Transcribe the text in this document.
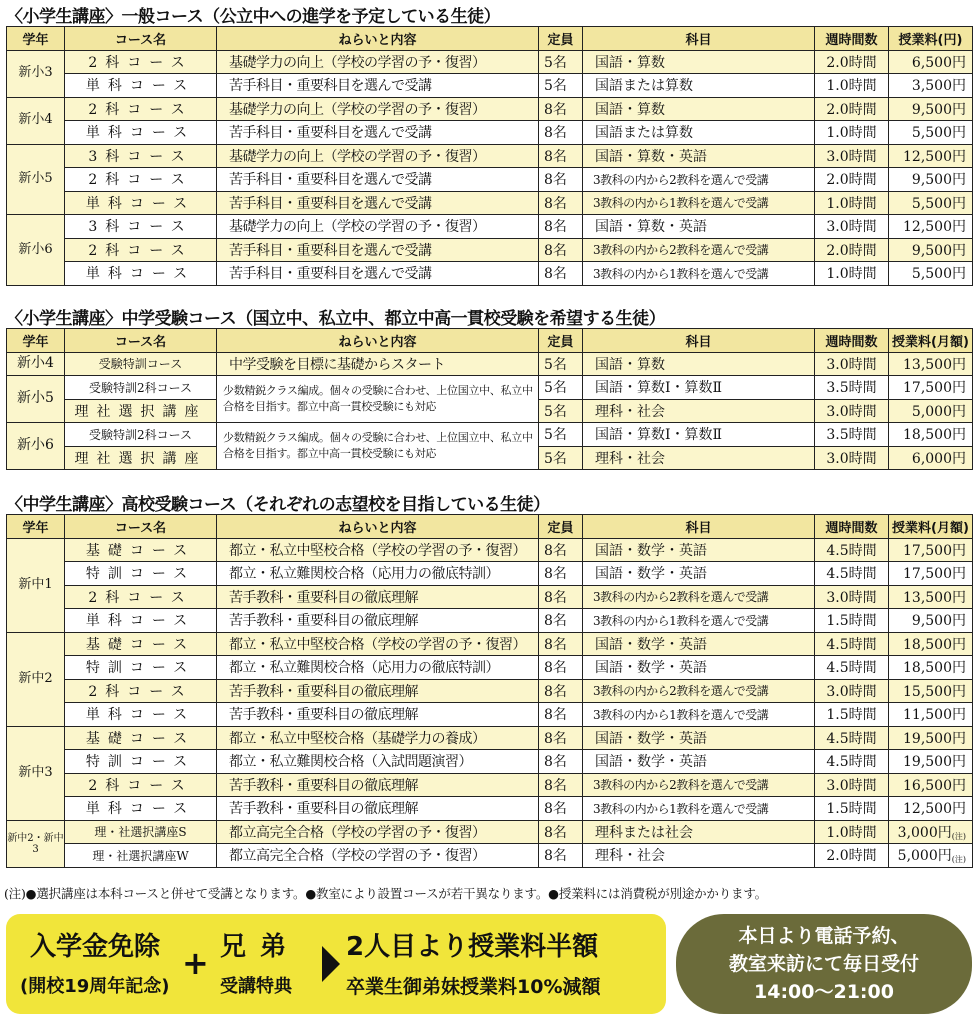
〈小学生講座〉一般コース（公立中への進学を予定している生徒）
学年	コース名	ねらいと内容	定員	科目	週時間数	授業料(円)
新小3	2科コース	基礎学力の向上（学校の学習の予・復習）	5名	国語・算数	2.0時間	6,500円
	単科コース	苦手科目・重要科目を選んで受講	5名	国語または算数	1.0時間	3,500円
新小4	2科コース	基礎学力の向上（学校の学習の予・復習）	8名	国語・算数	2.0時間	9,500円
	単科コース	苦手科目・重要科目を選んで受講	8名	国語または算数	1.0時間	5,500円
新小5	3科コース	基礎学力の向上（学校の学習の予・復習）	8名	国語・算数・英語	3.0時間	12,500円
	2科コース	苦手科目・重要科目を選んで受講	8名	3教科の内から2教科を選んで受講	2.0時間	9,500円
	単科コース	苦手科目・重要科目を選んで受講	8名	3教科の内から1教科を選んで受講	1.0時間	5,500円
新小6	3科コース	基礎学力の向上（学校の学習の予・復習）	8名	国語・算数・英語	3.0時間	12,500円
	2科コース	苦手科目・重要科目を選んで受講	8名	3教科の内から2教科を選んで受講	2.0時間	9,500円
	単科コース	苦手科目・重要科目を選んで受講	8名	3教科の内から1教科を選んで受講	1.0時間	5,500円
〈小学生講座〉中学受験コース（国立中、私立中、都立中高一貫校受験を希望する生徒）
学年	コース名	ねらいと内容	定員	科目	週時間数	授業料(月額)
新小4	受験特訓コース	中学受験を目標に基礎からスタート	5名	国語・算数	3.0時間	13,500円
新小5	受験特訓2科コース	少数精鋭クラス編成。個々の受験に合わせ、上位国立中、私立中合格を目指す。都立中高一貫校受験にも対応	5名	国語・算数Ⅰ・算数Ⅱ	3.5時間	17,500円
	理社選択講座		5名	理科・社会	3.0時間	5,000円
新小6	受験特訓2科コース	少数精鋭クラス編成。個々の受験に合わせ、上位国立中、私立中合格を目指す。都立中高一貫校受験にも対応	5名	国語・算数Ⅰ・算数Ⅱ	3.5時間	18,500円
	理社選択講座		5名	理科・社会	3.0時間	6,000円
〈中学生講座〉高校受験コース（それぞれの志望校を目指している生徒）
学年	コース名	ねらいと内容	定員	科目	週時間数	授業料(月額)
新中1	基礎コース	都立・私立中堅校合格（学校の学習の予・復習）	8名	国語・数学・英語	4.5時間	17,500円
	特訓コース	都立・私立難関校合格（応用力の徹底特訓）	8名	国語・数学・英語	4.5時間	17,500円
	2科コース	苦手教科・重要科目の徹底理解	8名	3教科の内から2教科を選んで受講	3.0時間	13,500円
	単科コース	苦手教科・重要科目の徹底理解	8名	3教科の内から1教科を選んで受講	1.5時間	9,500円
新中2	基礎コース	都立・私立中堅校合格（学校の学習の予・復習）	8名	国語・数学・英語	4.5時間	18,500円
	特訓コース	都立・私立難関校合格（応用力の徹底特訓）	8名	国語・数学・英語	4.5時間	18,500円
	2科コース	苦手教科・重要科目の徹底理解	8名	3教科の内から2教科を選んで受講	3.0時間	15,500円
	単科コース	苦手教科・重要科目の徹底理解	8名	3教科の内から1教科を選んで受講	1.5時間	11,500円
新中3	基礎コース	都立・私立中堅校合格（基礎学力の養成）	8名	国語・数学・英語	4.5時間	19,500円
	特訓コース	都立・私立難関校合格（入試問題演習）	8名	国語・数学・英語	4.5時間	19,500円
	2科コース	苦手教科・重要科目の徹底理解	8名	3教科の内から2教科を選んで受講	3.0時間	16,500円
	単科コース	苦手教科・重要科目の徹底理解	8名	3教科の内から1教科を選んで受講	1.5時間	12,500円
新中2・新中3	理・社選択講座S	都立高完全合格（学校の学習の予・復習）	8名	理科または社会	1.0時間	3,000円(注)
	理・社選択講座W	都立高完全合格（学校の学習の予・復習）	8名	理科・社会	2.0時間	5,000円(注)
(注)●選択講座は本科コースと併せて受講となります。●教室により設置コースが若干異なります。●授業料には消費税が別途かかります。
入学金免除
(開校19周年記念)
+ 兄弟
受講特典
2人目より授業料半額
卒業生御弟妹授業料10%減額
本日より電話予約、
教室来訪にて毎日受付
14:00〜21:00
